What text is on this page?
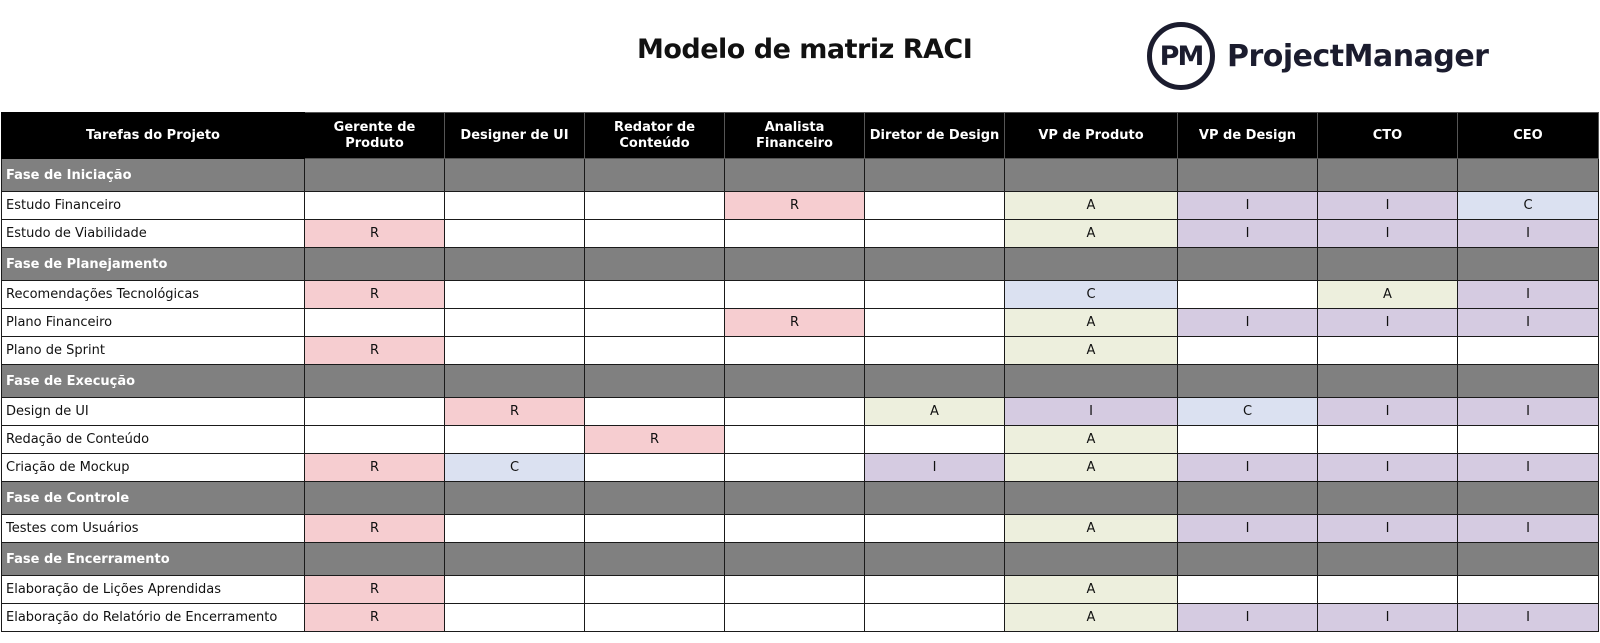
Modelo de matriz RACI	PM ProjectManager
Tarefas do Projeto	Gerente de Produto	Designer de UI	Redator de Conteúdo	Analista Financeiro	Diretor de Design	VP de Produto	VP de Design	CTO	CEO
Fase de Iniciação									
Estudo Financeiro				R		A	I	I	C
Estudo de Viabilidade	R					A	I	I	I
Fase de Planejamento									
Recomendações Tecnológicas	R					C		A	I
Plano Financeiro				R		A	I	I	I
Plano de Sprint	R					A			
Fase de Execução									
Design de UI		R			A	I	C	I	I
Redação de Conteúdo			R			A			
Criação de Mockup	R	C			I	A	I	I	I
Fase de Controle									
Testes com Usuários	R					A	I	I	I
Fase de Encerramento									
Elaboração de Lições Aprendidas	R					A			
Elaboração do Relatório de Encerramento	R					A	I	I	I
